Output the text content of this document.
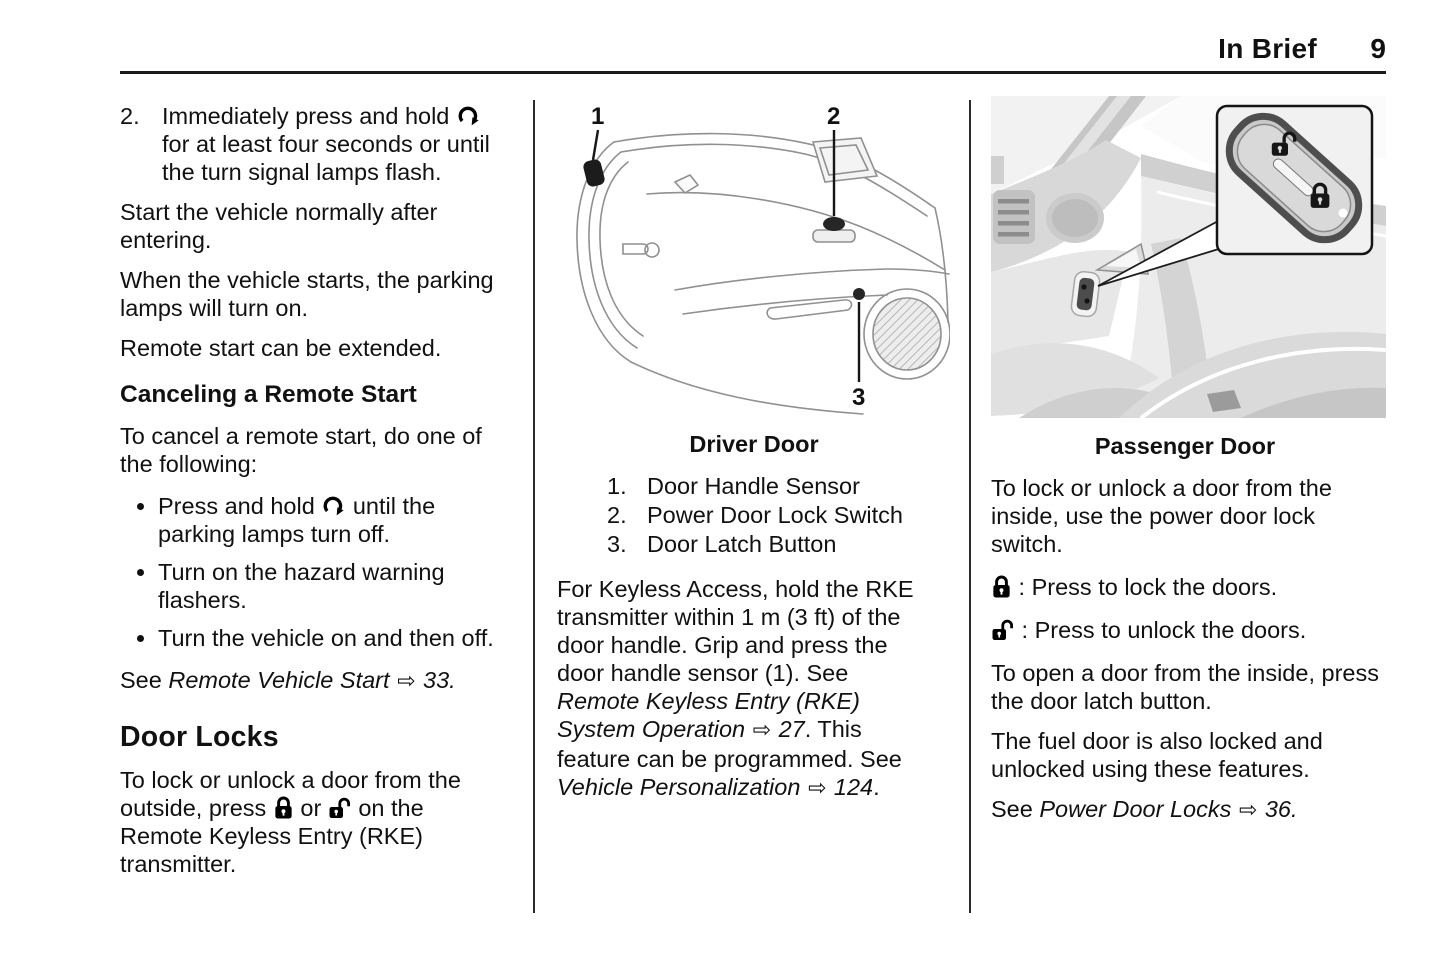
In Brief	9
2. Immediately press and hold  for at least four seconds or until the turn signal lamps flash.

Start the vehicle normally after entering.

When the vehicle starts, the parking lamps will turn on.

Remote start can be extended.

Canceling a Remote Start

To cancel a remote start, do one of the following:

• Press and hold until the parking lamps turn off.
• Turn on the hazard warning flashers.
• Turn the vehicle on and then off.

See Remote Vehicle Start ⇨ 33.

Door Locks

To lock or unlock a door from the outside, press or on the Remote Keyless Entry (RKE) transmitter.

1	2
3
Driver Door
1. Door Handle Sensor
2. Power Door Lock Switch
3. Door Latch Button

For Keyless Access, hold the RKE transmitter within 1 m (3 ft) of the door handle. Grip and press the door handle sensor (1). See Remote Keyless Entry (RKE) System Operation ⇨ 27. This feature can be programmed. See Vehicle Personalization ⇨ 124.

Passenger Door

To lock or unlock a door from the inside, use the power door lock switch.

: Press to lock the doors.

: Press to unlock the doors.

To open a door from the inside, press the door latch button.

The fuel door is also locked and unlocked using these features.

See Power Door Locks ⇨ 36.
